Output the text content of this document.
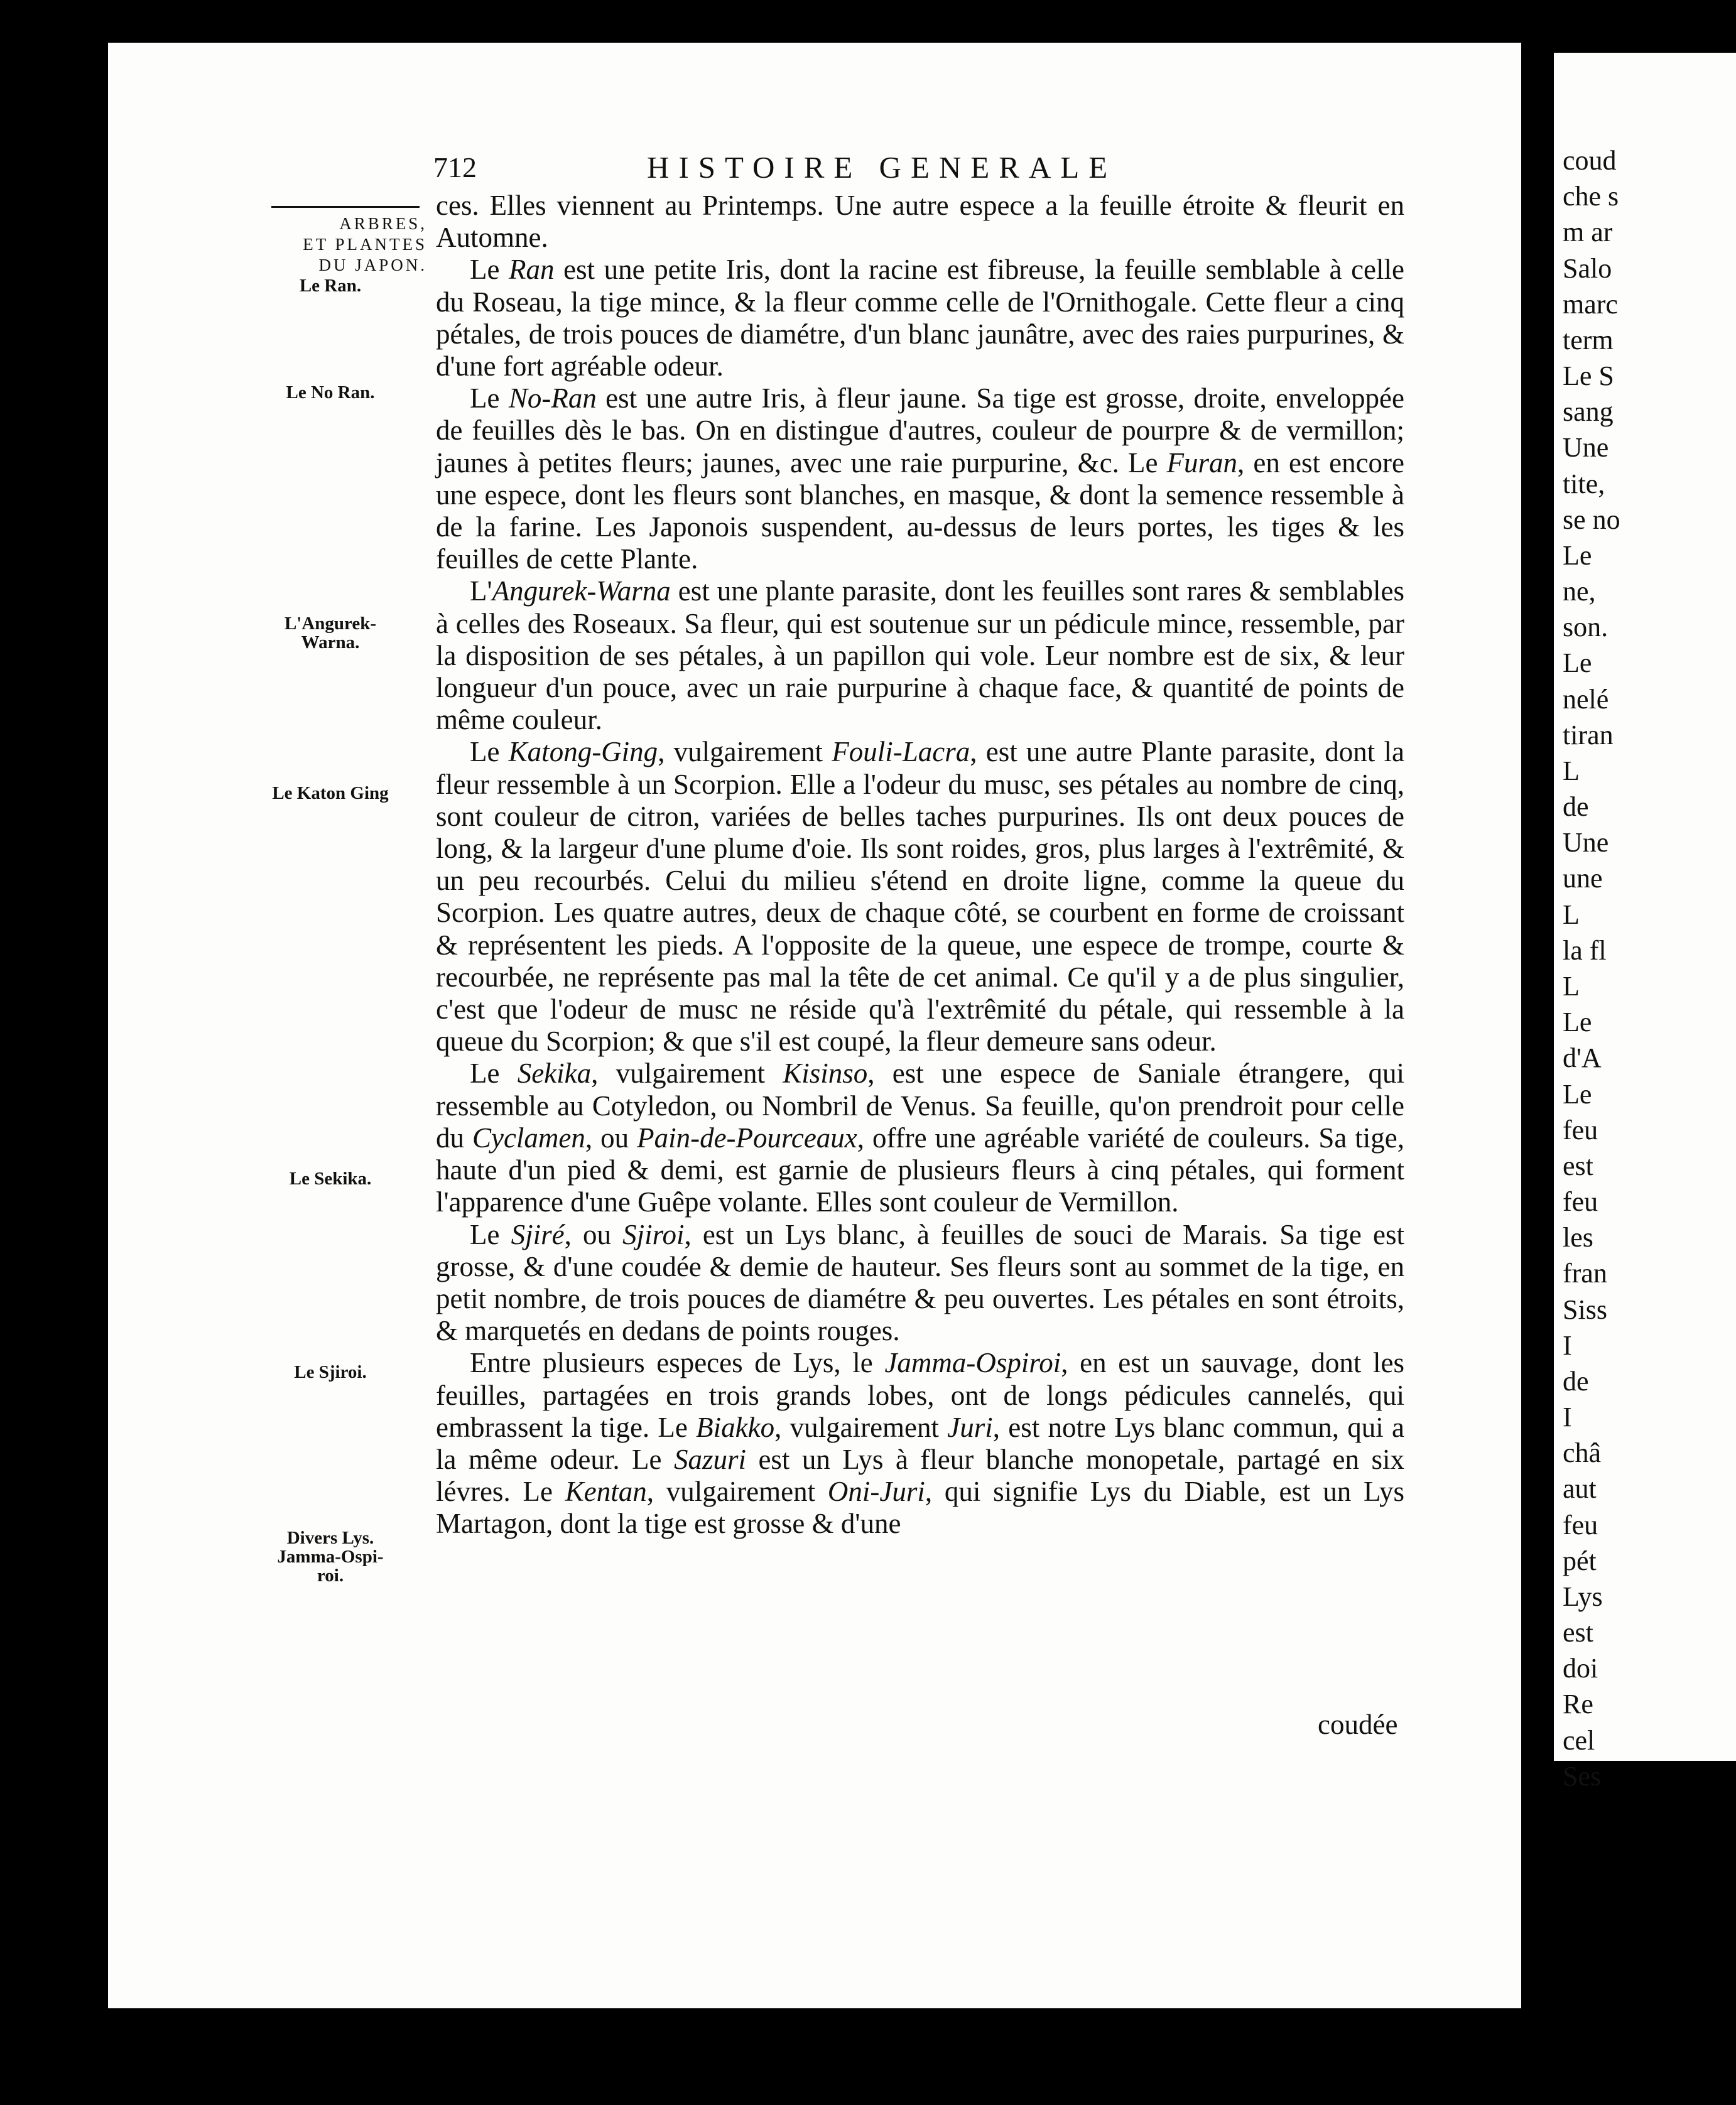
coud
che s
m ar
Salo
marc
term
Le S
sang
Une
tite,
se no
Le
ne,
son.
Le
nelé
tiran
L
de
Une
une
L
la fl
L
Le
d'A
Le
feu
est
feu
les
fran
Siss
I
de
I
châ
aut
feu
pét
Lys
est
doi
Re
cel
Ses
712	HISTOIRE GENERALE
ARBRES,
ET PLANTES
DU JAPON.
Le Ran.
Le No Ran.
L'Angurek-
Warna.
Le Katon Ging
Le Sekika.
Le Sjiroi.
Divers Lys.
Jamma-Ospi-
roi.

ces. Elles viennent au Printemps. Une autre espece a la feuille étroite & fleurit en Automne.

Le Ran est une petite Iris, dont la racine est fibreuse, la feuille semblable à celle du Roseau, la tige mince, & la fleur comme celle de l'Ornithogale. Cette fleur a cinq pétales, de trois pouces de diamétre, d'un blanc jaunâtre, avec des raies purpurines, & d'une fort agréable odeur.

Le No-Ran est une autre Iris, à fleur jaune. Sa tige est grosse, droite, enveloppée de feuilles dès le bas. On en distingue d'autres, couleur de pourpre & de vermillon; jaunes à petites fleurs; jaunes, avec une raie purpurine, &c. Le Furan, en est encore une espece, dont les fleurs sont blanches, en masque, & dont la semence ressemble à de la farine. Les Japonois suspendent, au-dessus de leurs portes, les tiges & les feuilles de cette Plante.

L'Angurek-Warna est une plante parasite, dont les feuilles sont rares & semblables à celles des Roseaux. Sa fleur, qui est soutenue sur un pédicule mince, ressemble, par la disposition de ses pétales, à un papillon qui vole. Leur nombre est de six, & leur longueur d'un pouce, avec un raie purpurine à chaque face, & quantité de points de même couleur.

Le Katong-Ging, vulgairement Fouli-Lacra, est une autre Plante parasite, dont la fleur ressemble à un Scorpion. Elle a l'odeur du musc, ses pétales au nombre de cinq, sont couleur de citron, variées de belles taches purpurines. Ils ont deux pouces de long, & la largeur d'une plume d'oie. Ils sont roides, gros, plus larges à l'extrêmité, & un peu recourbés. Celui du milieu s'étend en droite ligne, comme la queue du Scorpion. Les quatre autres, deux de chaque côté, se courbent en forme de croissant & représentent les pieds. A l'opposite de la queue, une espece de trompe, courte & recourbée, ne représente pas mal la tête de cet animal. Ce qu'il y a de plus singulier, c'est que l'odeur de musc ne réside qu'à l'extrêmité du pétale, qui ressemble à la queue du Scorpion; & que s'il est coupé, la fleur demeure sans odeur.

Le Sekika, vulgairement Kisinso, est une espece de Saniale étrangere, qui ressemble au Cotyledon, ou Nombril de Venus. Sa feuille, qu'on prendroit pour celle du Cyclamen, ou Pain-de-Pourceaux, offre une agréable variété de couleurs. Sa tige, haute d'un pied & demi, est garnie de plusieurs fleurs à cinq pétales, qui forment l'apparence d'une Guêpe volante. Elles sont couleur de Vermillon.

Le Sjiré, ou Sjiroi, est un Lys blanc, à feuilles de souci de Marais. Sa tige est grosse, & d'une coudée & demie de hauteur. Ses fleurs sont au sommet de la tige, en petit nombre, de trois pouces de diamétre & peu ouvertes. Les pétales en sont étroits, & marquetés en dedans de points rouges.

Entre plusieurs especes de Lys, le Jamma-Ospiroi, en est un sauvage, dont les feuilles, partagées en trois grands lobes, ont de longs pédicules cannelés, qui embrassent la tige. Le Biakko, vulgairement Juri, est notre Lys blanc commun, qui a la même odeur. Le Sazuri est un Lys à fleur blanche monopetale, partagé en six lévres. Le Kentan, vulgairement Oni-Juri, qui signifie Lys du Diable, est un Lys Martagon, dont la tige est grosse & d'une

coudée
